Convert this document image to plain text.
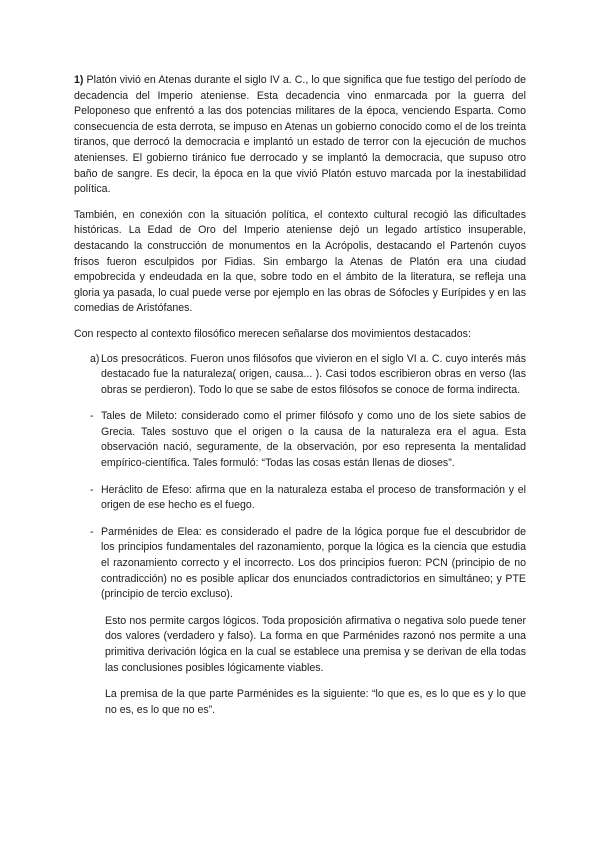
1) Platón vivió en Atenas durante el siglo IV a. C., lo que significa que fue testigo del período de decadencia del Imperio ateniense. Esta decadencia vino enmarcada por la guerra del Peloponeso que enfrentó a las dos potencias militares de la época, venciendo Esparta. Como consecuencia de esta derrota, se impuso en Atenas un gobierno conocido como el de los treinta tiranos, que derrocó la democracia e implantó un estado de terror con la ejecución de muchos atenienses. El gobierno tiránico fue derrocado y se implantó la democracia, que supuso otro baño de sangre. Es decir, la época en la que vivió Platón estuvo marcada por la inestabilidad política.

También, en conexión con la situación política, el contexto cultural recogió las dificultades históricas. La Edad de Oro del Imperio ateniense dejó un legado artístico insuperable, destacando la construcción de monumentos en la Acrópolis, destacando el Partenón cuyos frisos fueron esculpidos por Fidias. Sin embargo la Atenas de Platón era una ciudad empobrecida y endeudada en la que, sobre todo en el ámbito de la literatura, se refleja una gloria ya pasada, lo cual puede verse por ejemplo en las obras de Sófocles y Eurípides y en las comedias de Aristófanes.

Con respecto al contexto filosófico merecen señalarse dos movimientos destacados:

a) Los presocráticos. Fueron unos filósofos que vivieron en el siglo VI a. C. cuyo interés más destacado fue la naturaleza( origen, causa... ). Casi todos escribieron obras en verso (las obras se perdieron). Todo lo que se sabe de estos filósofos se conoce de forma indirecta.

- Tales de Mileto: considerado como el primer filósofo y como uno de los siete sabios de Grecia. Tales sostuvo que el origen o la causa de la naturaleza era el agua. Esta observación nació, seguramente, de la observación, por eso representa la mentalidad empírico-científica. Tales formuló: “Todas las cosas están llenas de dioses”.

- Heráclito de Efeso: afirma que en la naturaleza estaba el proceso de transformación y el origen de ese hecho es el fuego.

- Parménides de Elea: es considerado el padre de la lógica porque fue el descubridor de los principios fundamentales del razonamiento, porque la lógica es la ciencia que estudia el razonamiento correcto y el incorrecto. Los dos principios fueron: PCN (principio de no contradicción) no es posible aplicar dos enunciados contradictorios en simultáneo; y PTE (principio de tercio excluso).

Esto nos permite cargos lógicos. Toda proposición afirmativa o negativa solo puede tener dos valores (verdadero y falso). La forma en que Parménides razonó nos permite a una primitiva derivación lógica en la cual se establece una premisa y se derivan de ella todas las conclusiones posibles lógicamente viables.

La premisa de la que parte Parménides es la siguiente: “lo que es, es lo que es y lo que no es, es lo que no es”.
